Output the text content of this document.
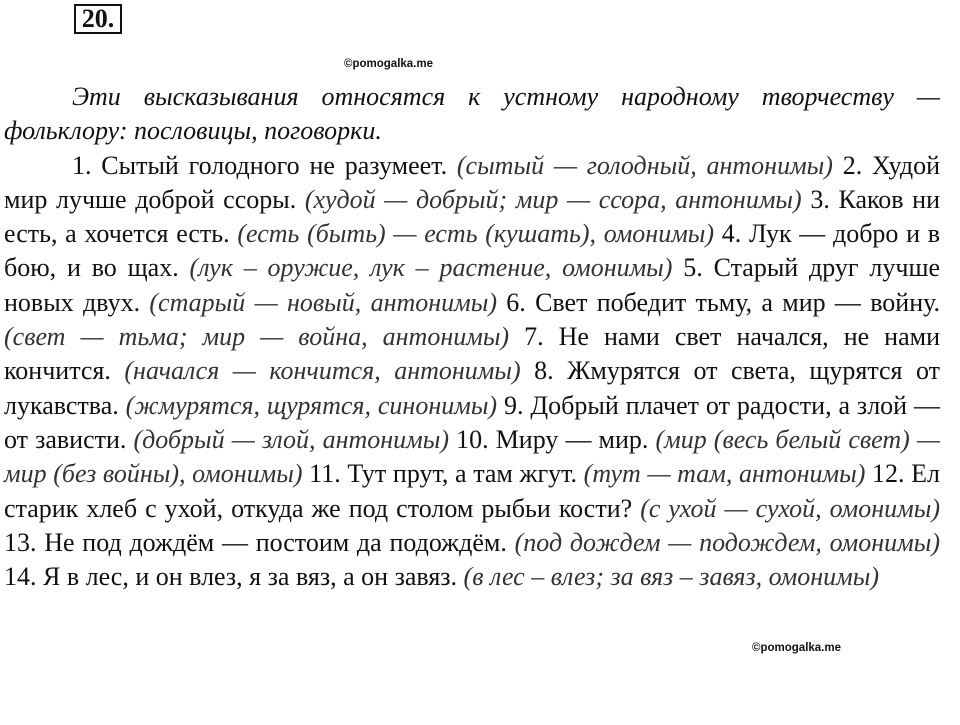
20.
©pomogalka.me

Эти высказывания относятся к устному народному творчеству — фольклору: пословицы, поговорки.

1. Сытый голодного не разумеет. (сытый — голодный, антонимы) 2. Худой мир лучше доброй ссоры. (худой — добрый; мир — ссора, антонимы) 3. Каков ни есть, а хочется есть. (есть (быть) — есть (кушать), омонимы) 4. Лук — добро и в бою, и во щах. (лук – оружие, лук – растение, омонимы) 5. Старый друг лучше новых двух. (старый — новый, антонимы) 6. Свет победит тьму, а мир — войну. (свет — тьма; мир — война, антонимы) 7. Не нами свет начался, не нами кончится. (начался — кончится, антонимы) 8. Жмурятся от света, щурятся от лукавства. (жмурятся, щурятся, синонимы) 9. Добрый плачет от радости, а злой — от зависти. (добрый — злой, антонимы) 10. Миру — мир. (мир (весь белый свет) — мир (без войны), омонимы) 11. Тут прут, а там жгут. (тут — там, антонимы) 12. Ел старик хлеб с ухой, откуда же под столом рыбьи кости? (с ухой — сухой, омонимы) 13. Не под дождём — постоим да подождём. (под дождем — подождем, омонимы) 14. Я в лес, и он влез, я за вяз, а он завяз. (в лес – влез; за вяз – завяз, омонимы)

©pomogalka.me
